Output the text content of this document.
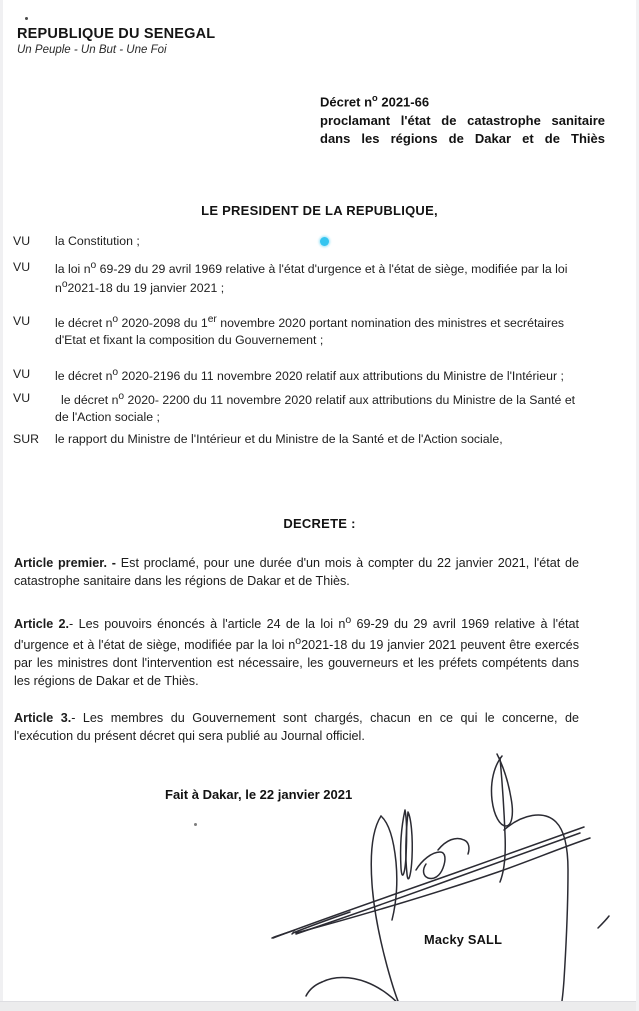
REPUBLIQUE DU SENEGAL
Un Peuple - Un But - Une Foi
Décret $n^o$ 2021-66
proclamant l'état de catastrophe sanitaire dans les régions de Dakar et de Thiès
LE PRESIDENT DE LA REPUBLIQUE,
VU la Constitution ;
VU la loi $n^o$ 69-29 du 29 avril 1969 relative à l'état d'urgence et à l'état de siège, modifiée par la loi $n^o2021-18$ du 19 janvier 2021 ;
VU le décret $n^o$ 2020-2098 du 1er novembre 2020 portant nomination des ministres et secrétaires d'Etat et fixant la composition du Gouvernement ;
VU le décret $n^o$ 2020-2196 du 11 novembre 2020 relatif aux attributions du Ministre de l'Intérieur ;
VU	le décret $n^o$ 2020- 2200 du 11 novembre 2020 relatif aux attributions du Ministre de la Santé et de l'Action sociale ;
SUR le rapport du Ministre de l'Intérieur et du Ministre de la Santé et de l'Action sociale,
DECRETE :
Article premier. - Est proclamé, pour une durée d'un mois à compter du 22 janvier 2021, l'état de catastrophe sanitaire dans les régions de Dakar et de Thiès.
Article 2.- Les pouvoirs énoncés à l'article 24 de la loi $n^o$ 69-29 du 29 avril 1969 relative à l'état d'urgence et à l'état de siège, modifiée par la loi $n^o2021-18$ du 19 janvier 2021 peuvent être exercés par les ministres dont l'intervention est nécessaire, les gouverneurs et les préfets compétents dans les régions de Dakar et de Thiès.
Article 3.- Les membres du Gouvernement sont chargés, chacun en ce qui le concerne, de l'exécution du présent décret qui sera publié au Journal officiel.
Fait à Dakar, le 22 janvier 2021
Macky SALL
